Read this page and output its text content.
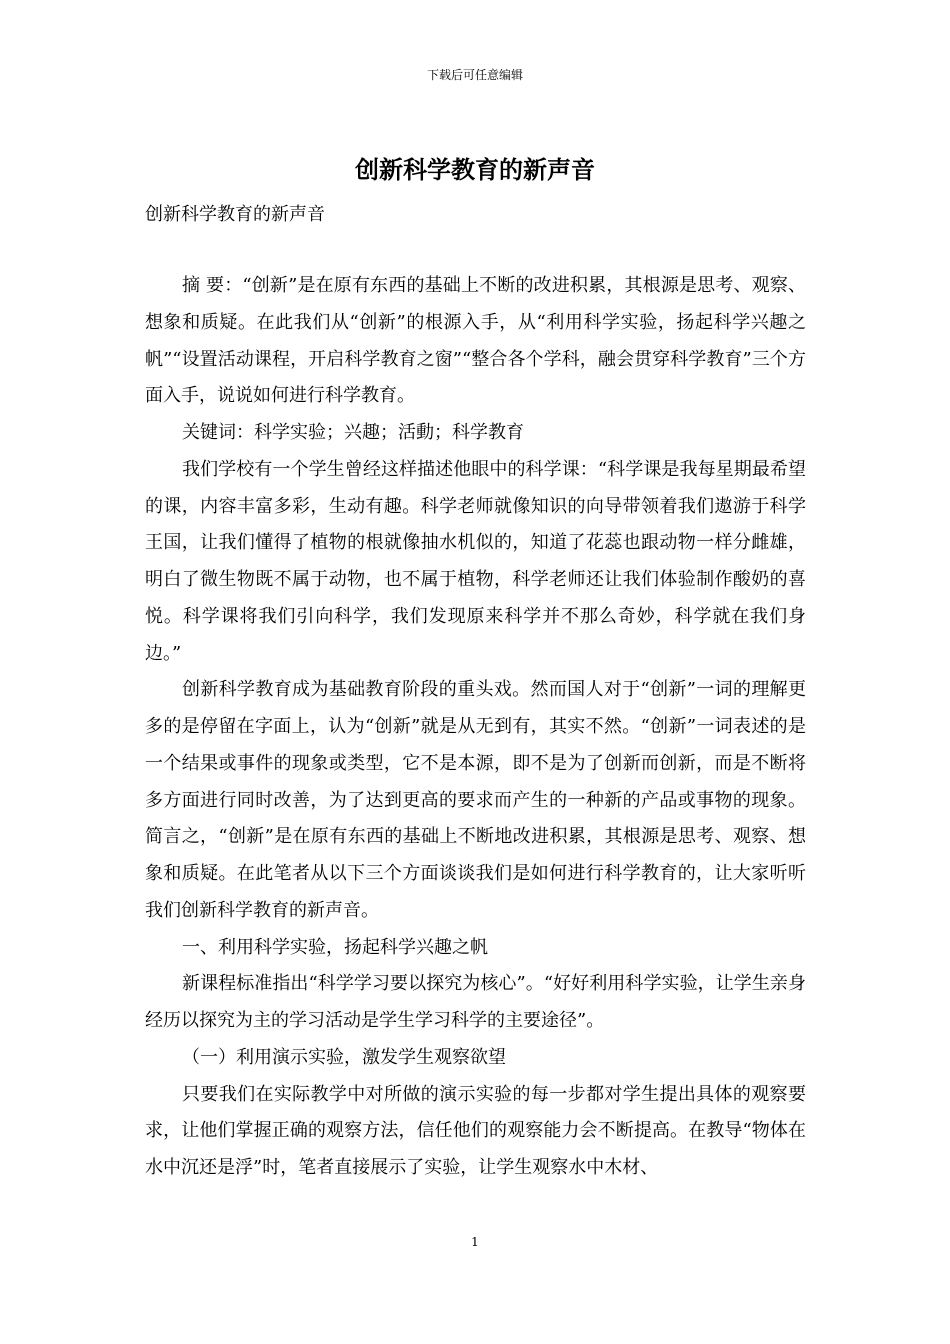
下载后可任意编辑
创新科学教育的新声音
创新科学教育的新声音

摘 要：“创新”是在原有东西的基础上不断的改进积累，其根源是思考、观察、想象和质疑。在此我们从“创新”的根源入手，从“利用科学实验，扬起科学兴趣之帆”“设置活动课程，开启科学教育之窗”“整合各个学科，融会贯穿科学教育”三个方面入手，说说如何进行科学教育。

关键词：科学实验；兴趣；活動；科学教育

我们学校有一个学生曾经这样描述他眼中的科学课：“科学课是我每星期最希望的课，内容丰富多彩，生动有趣。科学老师就像知识的向导带领着我们遨游于科学王国，让我们懂得了植物的根就像抽水机似的，知道了花蕊也跟动物一样分雌雄，明白了微生物既不属于动物，也不属于植物，科学老师还让我们体验制作酸奶的喜悦。科学课将我们引向科学，我们发现原来科学并不那么奇妙，科学就在我们身边。”

创新科学教育成为基础教育阶段的重头戏。然而国人对于“创新”一词的理解更多的是停留在字面上，认为“创新”就是从无到有，其实不然。“创新”一词表述的是一个结果或事件的现象或类型，它不是本源，即不是为了创新而创新，而是不断将多方面进行同时改善，为了达到更高的要求而产生的一种新的产品或事物的现象。简言之，“创新”是在原有东西的基础上不断地改进积累，其根源是思考、观察、想象和质疑。在此笔者从以下三个方面谈谈我们是如何进行科学教育的，让大家听听我们创新科学教育的新声音。

一、利用科学实验，扬起科学兴趣之帆

新课程标准指出“科学学习要以探究为核心”。“好好利用科学实验，让学生亲身经历以探究为主的学习活动是学生学习科学的主要途径”。

（一）利用演示实验，激发学生观察欲望

只要我们在实际教学中对所做的演示实验的每一步都对学生提出具体的观察要求，让他们掌握正确的观察方法，信任他们的观察能力会不断提高。在教导“物体在水中沉还是浮”时，笔者直接展示了实验，让学生观察水中木材、

1
